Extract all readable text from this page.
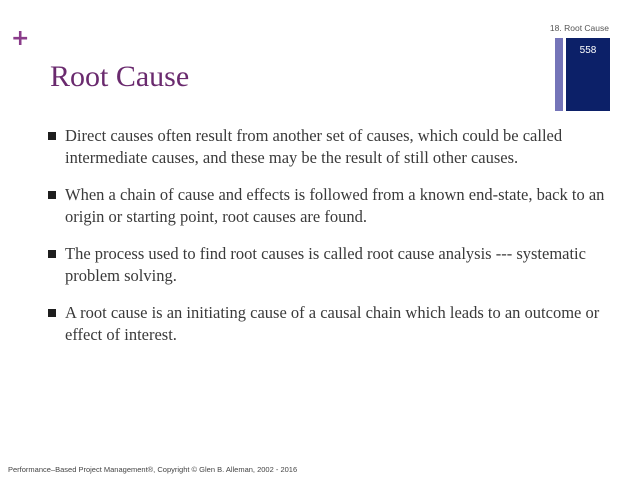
18. Root Cause
558
+
Root Cause
Direct causes often result from another set of causes, which could be called intermediate causes, and these may be the result of still other causes.
When a chain of cause and effects is followed from a known end-state, back to an origin or starting point, root causes are found.
The process used to find root causes is called root cause analysis --- systematic problem solving.
A root cause is an initiating cause of a causal chain which leads to an outcome or effect of interest.
Performance–Based Project Management®, Copyright © Glen B. Alleman, 2002 - 2016
